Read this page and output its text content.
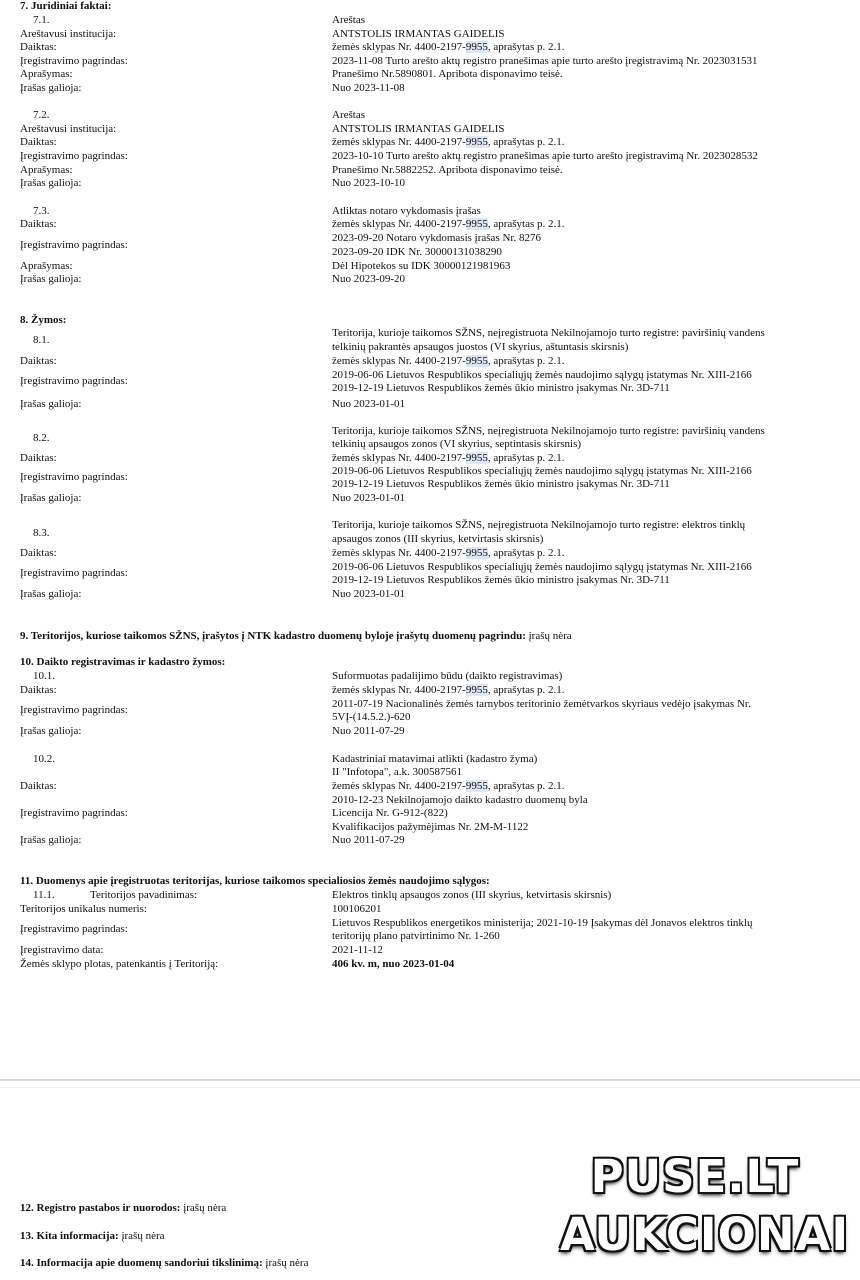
7. Juridiniai faktai:
7.1.	Areštas
Areštavusi institucija:	ANTSTOLIS IRMANTAS GAIDELIS
Daiktas:	žemės sklypas Nr. 4400-2197-9955, aprašytas p. 2.1.
Įregistravimo pagrindas:	2023-11-08 Turto arešto aktų registro pranešimas apie turto arešto įregistravimą Nr. 2023031531
Aprašymas:	Pranešimo Nr.5890801. Apribota disponavimo teisė.
Įrašas galioja:	Nuo 2023-11-08
7.2.	Areštas
Areštavusi institucija:	ANTSTOLIS IRMANTAS GAIDELIS
Daiktas:	žemės sklypas Nr. 4400-2197-9955, aprašytas p. 2.1.
Įregistravimo pagrindas:	2023-10-10 Turto arešto aktų registro pranešimas apie turto arešto įregistravimą Nr. 2023028532
Aprašymas:	Pranešimo Nr.5882252. Apribota disponavimo teisė.
Įrašas galioja:	Nuo 2023-10-10
7.3.	Atliktas notaro vykdomasis įrašas
Daiktas:	žemės sklypas Nr. 4400-2197-9955, aprašytas p. 2.1.
Įregistravimo pagrindas:
2023-09-20 Notaro vykdomasis įrašas Nr. 8276
2023-09-20 IDK Nr. 30000131038290
Aprašymas:	Dėl Hipotekos su IDK 30000121981963
Įrašas galioja:	Nuo 2023-09-20
8. Žymos:
8.1.
Teritorija, kurioje taikomos SŽNS, neįregistruota Nekilnojamojo turto registre: paviršinių vandens
telkinių pakrantės apsaugos juostos (VI skyrius, aštuntasis skirsnis)
Daiktas:	žemės sklypas Nr. 4400-2197-9955, aprašytas p. 2.1.
Įregistravimo pagrindas:	2019-06-06 Lietuvos Respublikos specialiųjų žemės naudojimo sąlygų įstatymas Nr. XIII-2166
2019-12-19 Lietuvos Respublikos žemės ūkio ministro įsakymas Nr. 3D-711
Įrašas galioja:	Nuo 2023-01-01
8.2.
Teritorija, kurioje taikomos SŽNS, neįregistruota Nekilnojamojo turto registre: paviršinių vandens
telkinių apsaugos zonos (VI skyrius, septintasis skirsnis)
Daiktas:	žemės sklypas Nr. 4400-2197-9955, aprašytas p. 2.1.
Įregistravimo pagrindas:	2019-06-06 Lietuvos Respublikos specialiųjų žemės naudojimo sąlygų įstatymas Nr. XIII-2166
2019-12-19 Lietuvos Respublikos žemės ūkio ministro įsakymas Nr. 3D-711
Įrašas galioja:	Nuo 2023-01-01
8.3.
Teritorija, kurioje taikomos SŽNS, neįregistruota Nekilnojamojo turto registre: elektros tinklų
apsaugos zonos (III skyrius, ketvirtasis skirsnis)
Daiktas:	žemės sklypas Nr. 4400-2197-9955, aprašytas p. 2.1.
Įregistravimo pagrindas:	2019-06-06 Lietuvos Respublikos specialiųjų žemės naudojimo sąlygų įstatymas Nr. XIII-2166
2019-12-19 Lietuvos Respublikos žemės ūkio ministro įsakymas Nr. 3D-711
Įrašas galioja:	Nuo 2023-01-01
9. Teritorijos, kuriose taikomos SŽNS, įrašytos į NTK kadastro duomenų byloje įrašytų duomenų pagrindu: įrašų nėra
10. Daikto registravimas ir kadastro žymos:
10.1.	Suformuotas padalijimo būdu (daikto registravimas)
Daiktas:	žemės sklypas Nr. 4400-2197-9955, aprašytas p. 2.1.
Įregistravimo pagrindas:	2011-07-19 Nacionalinės žemės tarnybos teritorinio žemėtvarkos skyriaus vedėjo įsakymas Nr.
5VĮ-(14.5.2.)-620
Įrašas galioja:	Nuo 2011-07-29
10.2.	Kadastriniai matavimai atlikti (kadastro žyma)
II "Infotopa", a.k. 300587561
Daiktas:	žemės sklypas Nr. 4400-2197-9955, aprašytas p. 2.1.
Įregistravimo pagrindas:
2010-12-23 Nekilnojamojo daikto kadastro duomenų byla
Licencija Nr. G-912-(822)
Kvalifikacijos pažymėjimas Nr. 2M-M-1122
Įrašas galioja:	Nuo 2011-07-29
11. Duomenys apie įregistruotas teritorijas, kuriose taikomos specialiosios žemės naudojimo sąlygos:
11.1.	Teritorijos pavadinimas:	Elektros tinklų apsaugos zonos (III skyrius, ketvirtasis skirsnis)
Teritorijos unikalus numeris:	100106201
Įregistravimo pagrindas:	Lietuvos Respublikos energetikos ministerija; 2021-10-19 Įsakymas dėl Jonavos elektros tinklų
teritorijų plano patvirtinimo Nr. 1-260
Įregistravimo data:	2021-11-12
Žemės sklypo plotas, patenkantis į Teritoriją:	406 kv. m, nuo 2023-01-04
12. Registro pastabos ir nuorodos: įrašų nėra
13. Kita informacija: įrašų nėra
14. Informacija apie duomenų sandoriui tikslinimą: įrašų nėra
PUSE.LT
AUKCIONAI
